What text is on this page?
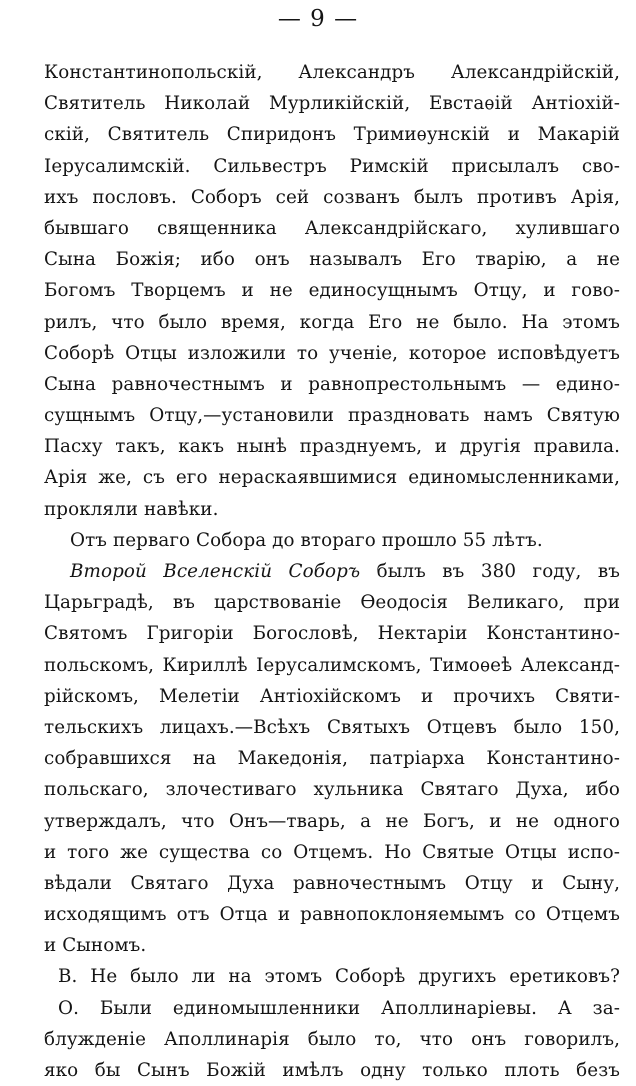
— 9 —
Константинопольскій, Александръ Александрійскій,
Святитель Николай Мурликійскій, Евстаѳій Антіохій-
скій, Святитель Спиридонъ Тримиѳунскій и Макарій
Іерусалимскій. Сильвестръ Римскій присылалъ сво-
ихъ пословъ. Соборъ сей созванъ былъ противъ Арія,
бывшаго священника Александрійскаго, хулившаго
Сына Божія; ибо онъ называлъ Его тварію, а не
Богомъ Творцемъ и не единосущнымъ Отцу, и гово-
рилъ, что было время, когда Его не было. На этомъ
Соборѣ Отцы изложили то ученіе, которое исповѣдуетъ
Сына равночестнымъ и равнопрестольнымъ — едино-
сущнымъ Отцу,—установили праздновать намъ Святую
Пасху такъ, какъ нынѣ празднуемъ, и другія правила.
Арія же, съ его нераскаявшимися единомысленниками,
прокляли навѣки.
Отъ перваго Собора до втораго прошло 55 лѣтъ.
Второй Вселенскій Соборъ былъ въ 380 году, въ
Царьградѣ, въ царствованіе Ѳеодосія Великаго, при
Святомъ Григоріи Богословѣ, Нектаріи Константино-
польскомъ, Кириллѣ Іерусалимскомъ, Тимоѳеѣ Александ-
рійскомъ, Мелетіи Антіохійскомъ и прочихъ Святи-
тельскихъ лицахъ.—Всѣхъ Святыхъ Отцевъ было 150,
собравшихся на Македонія, патріарха Константино-
польскаго, злочестиваго хульника Святаго Духа, ибо
утверждалъ, что Онъ—тварь, а не Богъ, и не одного
и того же существа со Отцемъ. Но Святые Отцы испо-
вѣдали Святаго Духа равночестнымъ Отцу и Сыну,
исходящимъ отъ Отца и равнопоклоняемымъ со Отцемъ
и Сыномъ.
В. Не было ли на этомъ Соборѣ другихъ еретиковъ?
О. Были единомышленники Аполлинаріевы. А за-
блужденіе Аполлинарія было то, что онъ говорилъ,
яко бы Сынъ Божій имѣлъ одну только плоть безъ
